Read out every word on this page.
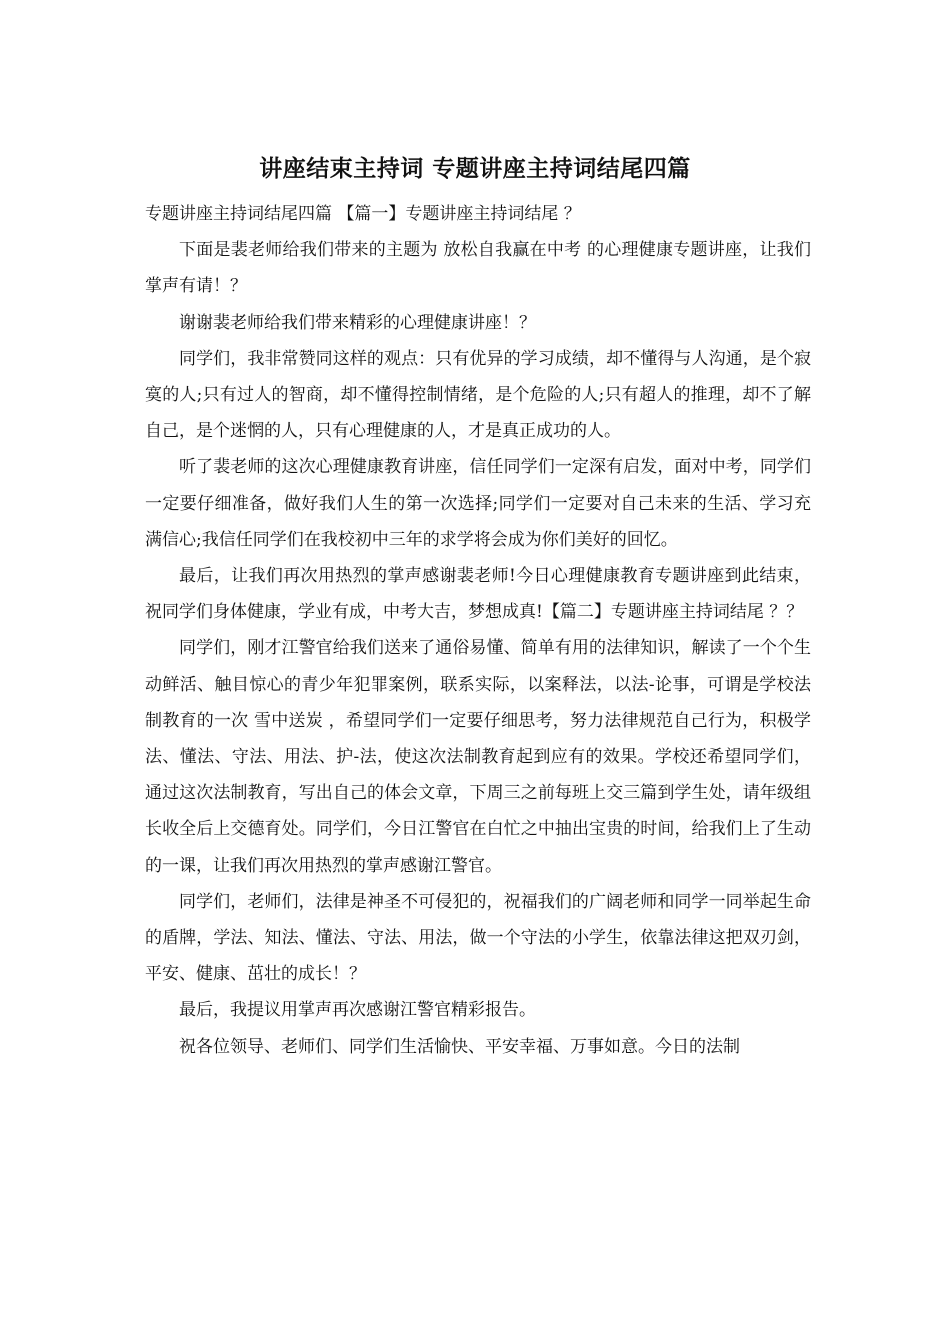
讲座结束主持词 专题讲座主持词结尾四篇

专题讲座主持词结尾四篇 【篇一】专题讲座主持词结尾 ？

下面是裴老师给我们带来的主题为 放松自我赢在中考 的心理健康专题讲座，让我们掌声有请！？

谢谢裴老师给我们带来精彩的心理健康讲座！？

同学们，我非常赞同这样的观点：只有优异的学习成绩，却不懂得与人沟通，是个寂寞的人;只有过人的智商，却不懂得控制情绪，是个危险的人;只有超人的推理，却不了解自己，是个迷惘的人，只有心理健康的人，才是真正成功的人。

听了裴老师的这次心理健康教育讲座，信任同学们一定深有启发，面对中考，同学们一定要仔细准备，做好我们人生的第一次选择;同学们一定要对自己未来的生活、学习充满信心;我信任同学们在我校初中三年的求学将会成为你们美好的回忆。

最后，让我们再次用热烈的掌声感谢裴老师!今日心理健康教育专题讲座到此结束，祝同学们身体健康，学业有成，中考大吉，梦想成真!【篇二】专题讲座主持词结尾 ？？

同学们，刚才江警官给我们送来了通俗易懂、简单有用的法律知识，解读了一个个生动鲜活、触目惊心的青少年犯罪案例，联系实际，以案释法，以法-论事，可谓是学校法制教育的一次 雪中送炭 ，希望同学们一定要仔细思考，努力法律规范自己行为，积极学法、懂法、守法、用法、护-法，使这次法制教育起到应有的效果。学校还希望同学们，通过这次法制教育，写出自己的体会文章，下周三之前每班上交三篇到学生处，请年级组长收全后上交德育处。同学们，今日江警官在白忙之中抽出宝贵的时间，给我们上了生动的一课，让我们再次用热烈的掌声感谢江警官。

同学们，老师们，法律是神圣不可侵犯的，祝福我们的广阔老师和同学一同举起生命的盾牌，学法、知法、懂法、守法、用法，做一个守法的小学生，依靠法律这把双刃剑，平安、健康、茁壮的成长！？

最后，我提议用掌声再次感谢江警官精彩报告。

祝各位领导、老师们、同学们生活愉快、平安幸福、万事如意。今日的法制
